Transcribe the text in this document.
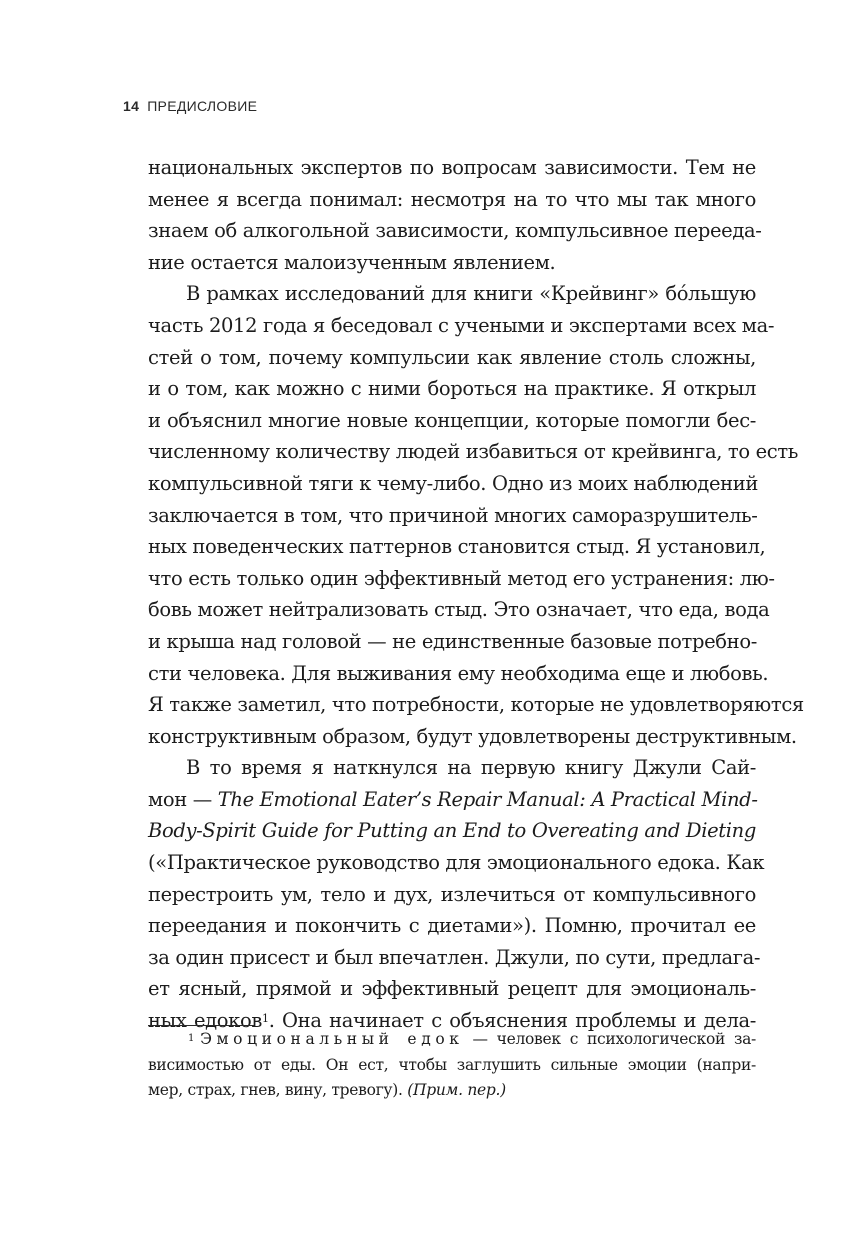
14 ПРЕДИСЛОВИЕ
национальных экспертов по вопросам зависимости. Тем не
менее я всегда понимал: несмотря на то что мы так много
знаем об алкогольной зависимости, компульсивное перееда-
ние остается малоизученным явлением.
В рамках исследований для книги «Крейвинг» бóльшую
часть 2012 года я беседовал с учеными и экспертами всех ма-
стей о том, почему компульсии как явление столь сложны,
и о том, как можно с ними бороться на практике. Я открыл
и объяснил многие новые концепции, которые помогли бес-
численному количеству людей избавиться от крейвинга, то есть
компульсивной тяги к чему-либо. Одно из моих наблюдений
заключается в том, что причиной многих саморазрушитель-
ных поведенческих паттернов становится стыд. Я установил,
что есть только один эффективный метод его устранения: лю-
бовь может нейтрализовать стыд. Это означает, что еда, вода
и крыша над головой — не единственные базовые потребно-
сти человека. Для выживания ему необходима еще и любовь.
Я также заметил, что потребности, которые не удовлетворяются
конструктивным образом, будут удовлетворены деструктивным.
В то время я наткнулся на первую книгу Джули Сай-
мон — The Emotional Eater’s Repair Manual: A Practical Mind-
Body-Spirit Guide for Putting an End to Overeating and Dieting
(«Практическое руководство для эмоционального едока. Как
перестроить ум, тело и дух, излечиться от компульсивного
переедания и покончить с диетами»). Помню, прочитал ее
за один присест и был впечатлен. Джули, по сути, предлага-
ет ясный, прямой и эффективный рецепт для эмоциональ-
ных едоков$^1$. Она начинает с объяснения проблемы и дела-
$^1$ Эмоциональный едок — человек с психологической за-
висимостью от еды. Он ест, чтобы заглушить сильные эмоции (напри-
мер, страх, гнев, вину, тревогу). (Прим. пер.)
